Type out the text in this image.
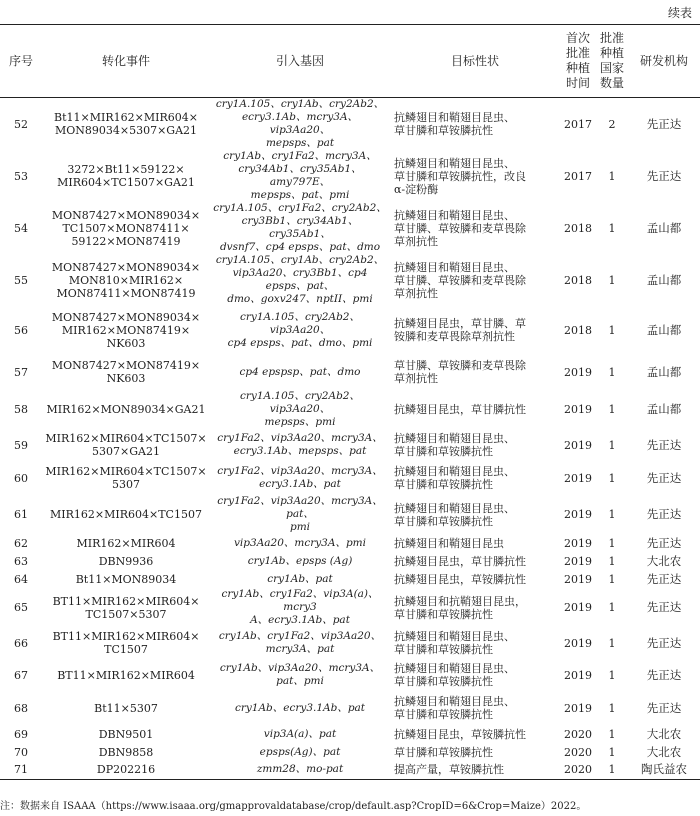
续表
序号	转化事件	引入基因	目标性状	首次
批准
种植
时间	批准
种植
国家
数量	研发机构
52	Bt11×MIR162×MIR604×
MON89034×5307×GA21	cry1A.105、cry1Ab、cry2Ab2、
ecry3.1Ab、mcry3A、vip3Aa20、
mepsps、pat	抗鳞翅目和鞘翅目昆虫、
草甘膦和草铵膦抗性	2017	2	先正达
53	3272×Bt11×59122×
MIR604×TC1507×GA21	cry1Ab、cry1Fa2、mcry3A、
cry34Ab1、cry35Ab1、amy797E、
mepsps、pat、pmi	抗鳞翅目和鞘翅目昆虫、
草甘膦和草铵膦抗性，改良
α-淀粉酶	2017	1	先正达
54	MON87427×MON89034×
TC1507×MON87411×
59122×MON87419	cry1A.105、cry1Fa2、cry2Ab2、
cry3Bb1、cry34Ab1、cry35Ab1、
dvsnf7、cp4 epsps、pat、dmo	抗鳞翅目和鞘翅目昆虫、
草甘膦、草铵膦和麦草畏除
草剂抗性	2018	1	孟山都
55	MON87427×MON89034×
MON810×MIR162×
MON87411×MON87419	cry1A.105、cry1Ab、cry2Ab2、
vip3Aa20、cry3Bb1、cp4 epsps、pat、
dmo、goxv247、nptII、pmi	抗鳞翅目和鞘翅目昆虫、
草甘膦、草铵膦和麦草畏除
草剂抗性	2018	1	孟山都
56	MON87427×MON89034×
MIR162×MON87419×
NK603	cry1A.105、cry2Ab2、vip3Aa20、
cp4 epsps、pat、dmo、pmi	抗鳞翅目昆虫，草甘膦、草
铵膦和麦草畏除草剂抗性	2018	1	孟山都
57	MON87427×MON87419×
NK603	cp4 epspsp、pat、dmo	草甘膦、草铵膦和麦草畏除
草剂抗性	2019	1	孟山都
58	MIR162×MON89034×GA21	cry1A.105、cry2Ab2、vip3Aa20、
mepsps、pmi	抗鳞翅目昆虫，草甘膦抗性	2019	1	孟山都
59	MIR162×MIR604×TC1507×
5307×GA21	cry1Fa2、vip3Aa20、mcry3A、
ecry3.1Ab、mepsps、pat	抗鳞翅目和鞘翅目昆虫、
草甘膦和草铵膦抗性	2019	1	先正达
60	MIR162×MIR604×TC1507×
5307	cry1Fa2、vip3Aa20、mcry3A、
ecry3.1Ab、pat	抗鳞翅目和鞘翅目昆虫、
草甘膦和草铵膦抗性	2019	1	先正达
61	MIR162×MIR604×TC1507	cry1Fa2、vip3Aa20、mcry3A、pat、
pmi	抗鳞翅目和鞘翅目昆虫、
草甘膦和草铵膦抗性	2019	1	先正达
62	MIR162×MIR604	vip3Aa20、mcry3A、pmi	抗鳞翅目和鞘翅目昆虫	2019	1	先正达
63	DBN9936	cry1Ab、epsps (Ag)	抗鳞翅目昆虫，草甘膦抗性	2019	1	大北农
64	Bt11×MON89034	cry1Ab、pat	抗鳞翅目昆虫，草铵膦抗性	2019	1	先正达
65	BT11×MIR162×MIR604×
TC1507×5307	cry1Ab、cry1Fa2、vip3A(a)、mcry3
A、ecry3.1Ab、pat	抗鳞翅目和抗鞘翅目昆虫，
草甘膦和草铵膦抗性	2019	1	先正达
66	BT11×MIR162×MIR604×
TC1507	cry1Ab、cry1Fa2、vip3Aa20、
mcry3A、pat	抗鳞翅目和鞘翅目昆虫、
草甘膦和草铵膦抗性	2019	1	先正达
67	BT11×MIR162×MIR604	cry1Ab、vip3Aa20、mcry3A、
pat、pmi	抗鳞翅目和鞘翅目昆虫、
草甘膦和草铵膦抗性	2019	1	先正达
68	Bt11×5307	cry1Ab、ecry3.1Ab、pat	抗鳞翅目和鞘翅目昆虫、
草甘膦和草铵膦抗性	2019	1	先正达
69	DBN9501	vip3A(a)、pat	抗鳞翅目昆虫，草铵膦抗性	2020	1	大北农
70	DBN9858	epsps(Ag)、pat	草甘膦和草铵膦抗性	2020	1	大北农
71	DP202216	zmm28、mo-pat	提高产量，草铵膦抗性	2020	1	陶氏益农
注：数据来自 ISAAA（https://www.isaaa.org/gmapprovaldatabase/crop/default.asp?CropID=6&Crop=Maize）2022。
